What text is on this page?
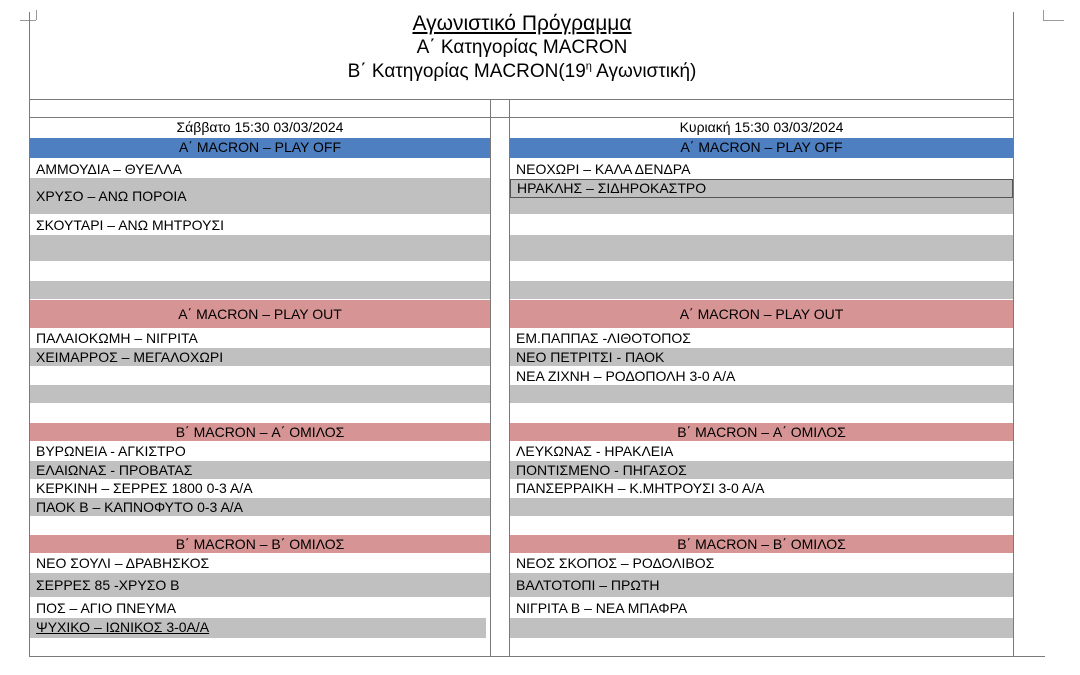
Αγωνιστικό Πρόγραμμα
Α΄ Κατηγορίας MACRON
Β΄ Κατηγορίας $MACRON(19^\eta$ Αγωνιστική)
Σάββατο 15:30 03/03/2024
Α΄ MACRON – PLAY OFF
ΑΜΜΟΥΔΙΑ – ΘΥΕΛΛΑ
ΧΡΥΣΟ – ΑΝΩ ΠΟΡΟΙΑ
ΣΚΟΥΤΑΡΙ – ΑΝΩ ΜΗΤΡΟΥΣΙ
Α΄ MACRON – PLAY OUT
ΠΑΛΑΙΟΚΩΜΗ – ΝΙΓΡΙΤΑ
ΧΕΙΜΑΡΡΟΣ – ΜΕΓΑΛΟΧΩΡΙ
Β΄ MACRON – Α΄ ΟΜΙΛΟΣ
ΒΥΡΩΝΕΙΑ - ΑΓΚΙΣΤΡΟ
ΕΛΑΙΩΝΑΣ - ΠΡΟΒΑΤΑΣ
ΚΕΡΚΙΝΗ – ΣΕΡΡΕΣ 1800 0-3 Α/Α
ΠΑΟΚ Β – ΚΑΠΝΟΦΥΤΟ 0-3 Α/Α
Β΄ MACRON – Β΄ ΟΜΙΛΟΣ
ΝΕΟ ΣΟΥΛΙ – ΔΡΑΒΗΣΚΟΣ
ΣΕΡΡΕΣ 85 -ΧΡΥΣΟ Β
ΠΟΣ – ΑΓΙΟ ΠΝΕΥΜΑ
ΨΥΧΙΚΟ – ΙΩΝΙΚΟΣ 3-0Α/Α
Κυριακή 15:30 03/03/2024
Α΄ MACRON – PLAY OFF
ΝΕΟΧΩΡΙ – ΚΑΛΑ ΔΕΝΔΡΑ
ΗΡΑΚΛΗΣ – ΣΙΔΗΡΟΚΑΣΤΡΟ
Α΄ MACRON – PLAY OUT
ΕΜ.ΠΑΠΠΑΣ -ΛΙΘΟΤΟΠΟΣ
ΝΕΟ ΠΕΤΡΙΤΣΙ - ΠΑΟΚ
ΝΕΑ ΖΙΧΝΗ – ΡΟΔΟΠΟΛΗ 3-0 Α/Α
Β΄ MACRON – Α΄ ΟΜΙΛΟΣ
ΛΕΥΚΩΝΑΣ - ΗΡΑΚΛΕΙΑ
ΠΟΝΤΙΣΜΕΝΟ - ΠΗΓΑΣΟΣ
ΠΑΝΣΕΡΡΑΙΚΗ – Κ.ΜΗΤΡΟΥΣΙ 3-0 Α/Α
Β΄ MACRON – Β΄ ΟΜΙΛΟΣ
ΝΕΟΣ ΣΚΟΠΟΣ – ΡΟΔΟΛΙΒΟΣ
ΒΑΛΤΟΤΟΠΙ – ΠΡΩΤΗ
ΝΙΓΡΙΤΑ Β – ΝΕΑ ΜΠΑΦΡΑ
